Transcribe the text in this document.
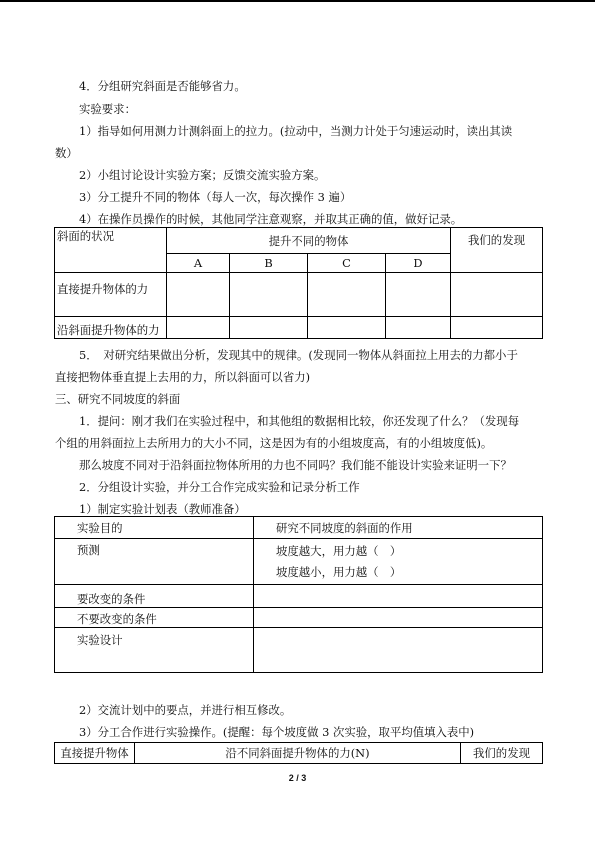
4．分组研究斜面是否能够省力。
实验要求：
1）指导如何用测力计测斜面上的拉力。(拉动中，当测力计处于匀速运动时，读出其读
数）
2）小组讨论设计实验方案；反馈交流实验方案。
3）分工提升不同的物体（每人一次，每次操作 3 遍）
4）在操作员操作的时候，其他同学注意观察，并取其正确的值，做好记录。
斜面的状况	提升不同的物体				我们的发现
	A	B	C	D	
直接提升物体的力					
沿斜面提升物体的力					
5．　对研究结果做出分析，发现其中的规律。(发现同一物体从斜面拉上用去的力都小于
直接把物体垂直提上去用的力，所以斜面可以省力)
三、研究不同坡度的斜面
1．提问：刚才我们在实验过程中，和其他组的数据相比较，你还发现了什么？（发现每
个组的用斜面拉上去所用力的大小不同，这是因为有的小组坡度高，有的小组坡度低)。
那么坡度不同对于沿斜面拉物体所用的力也不同吗？我们能不能设计实验来证明一下？
2．分组设计实验，并分工合作完成实验和记录分析工作
1）制定实验计划表（教师准备）
实验目的	研究不同坡度的斜面的作用
预测	坡度越大，用力越（　）
坡度越小，用力越（　）

要改变的条件	
不要改变的条件	
实验设计	
2）交流计划中的要点，并进行相互修改。
3）分工合作进行实验操作。(提醒：每个坡度做 3 次实验，取平均值填入表中)
直接提升物体	沿不同斜面提升物体的力(N)	我们的发现
2 / 3
